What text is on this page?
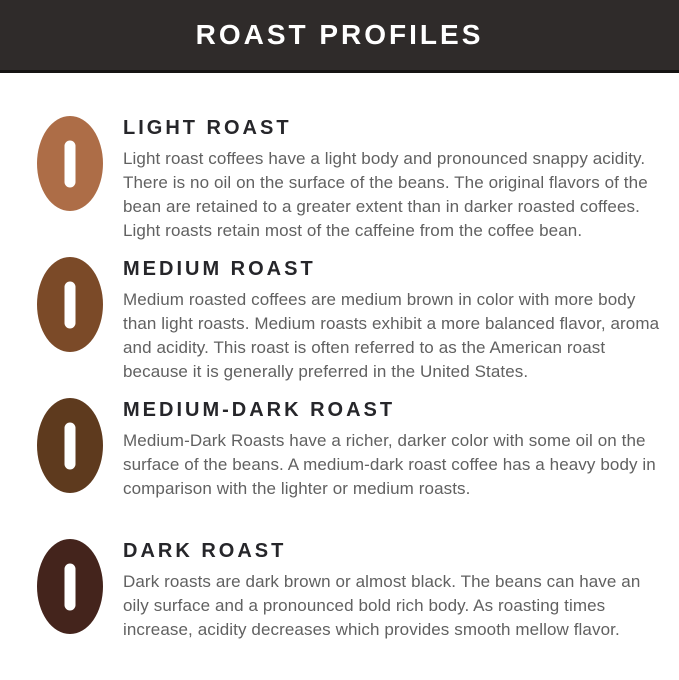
ROAST PROFILES
LIGHT ROAST
Light roast coffees have a light body and pronounced snappy acidity. There is no oil on the surface of the beans. The original flavors of the bean are retained to a greater extent than in darker roasted coffees. Light roasts retain most of the caffeine from the coffee bean.
MEDIUM ROAST
Medium roasted coffees are medium brown in color with more body than light roasts. Medium roasts exhibit a more balanced flavor, aroma and acidity. This roast is often referred to as the American roast because it is generally preferred in the United States.
MEDIUM-DARK ROAST
Medium-Dark Roasts have a richer, darker color with some oil on the surface of the beans. A medium-dark roast coffee has a heavy body in comparison with the lighter or medium roasts.
DARK ROAST
Dark roasts are dark brown or almost black. The beans can have an oily surface and a pronounced bold rich body. As roasting times increase, acidity decreases which provides smooth mellow flavor.
